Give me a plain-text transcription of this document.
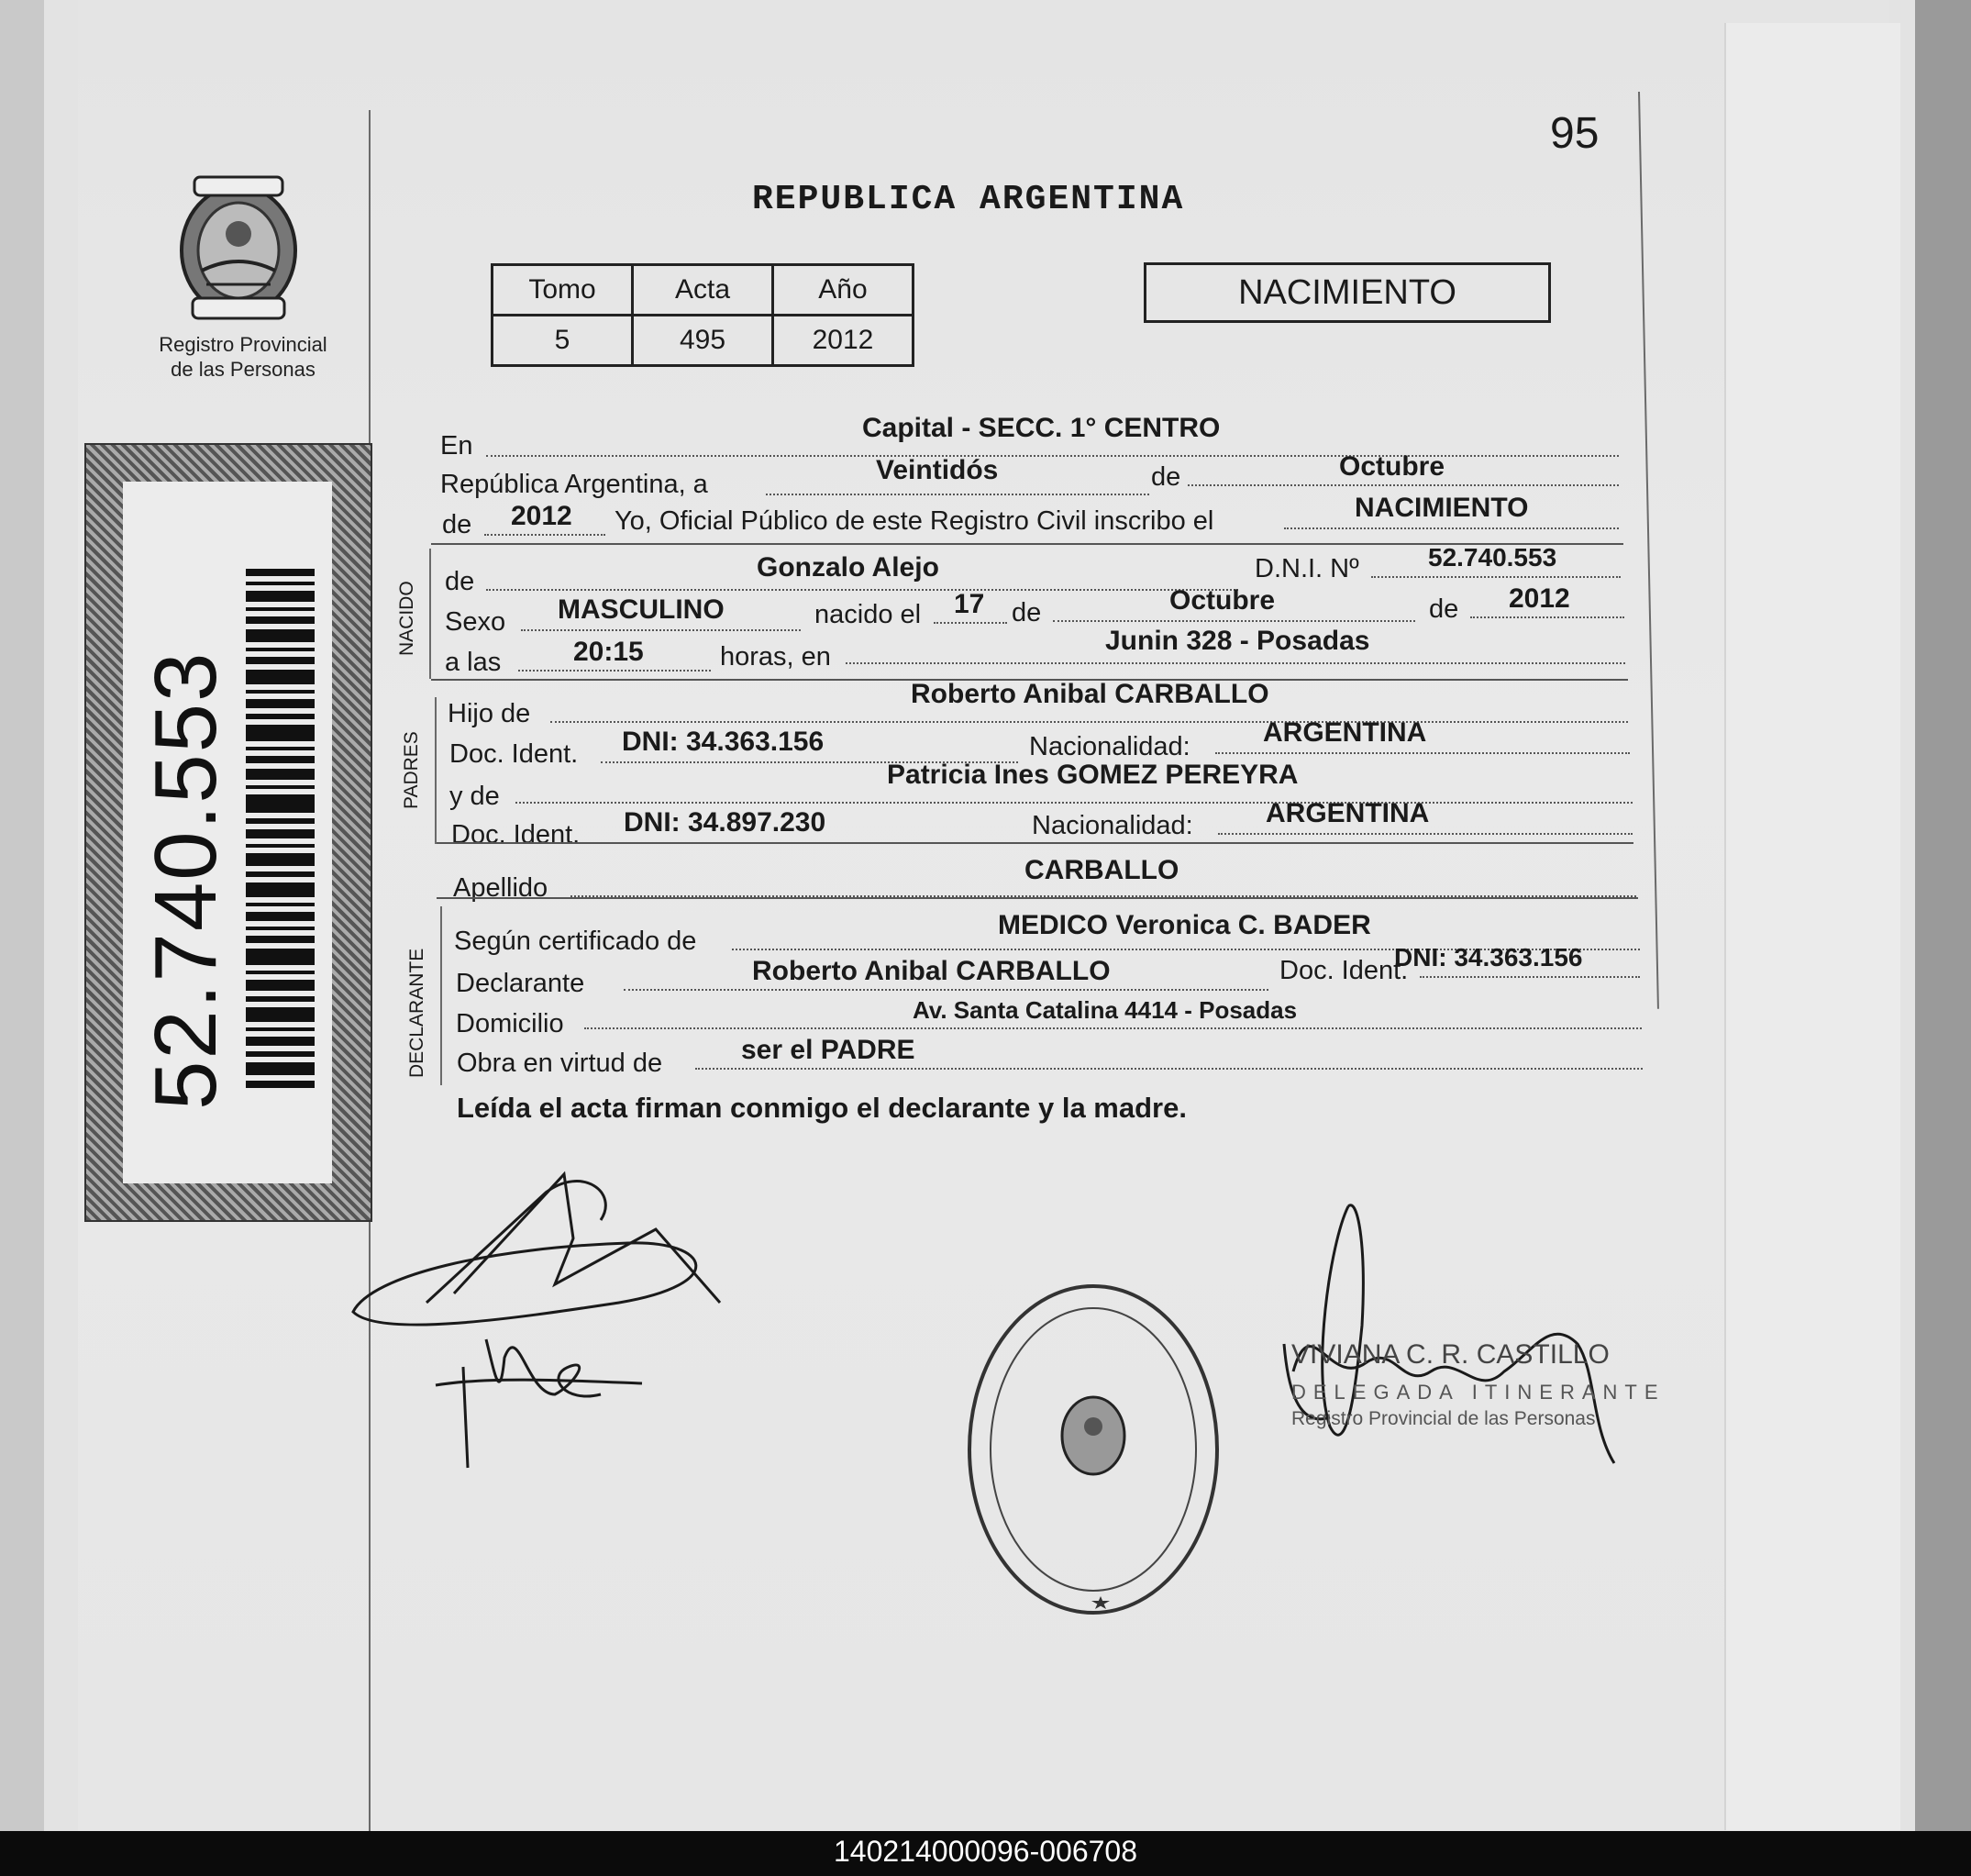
Registro Provincial
de las Personas
52.740.553
95
REPUBLICA ARGENTINA
Tomo	Acta	Año
5	495	2012
NACIMIENTO
En
Capital - SECC. 1° CENTRO
República Argentina, a	Veintidós	de	Octubre
de 2012 Yo, Oficial Público de este Registro Civil inscribo el	NACIMIENTO
NACIDO de	Gonzalo Alejo	D.N.I. Nº	52.740.553
Sexo MASCULINO	nacido el 17 de	Octubre	de 2012
a las	20:15	horas, en
Junin 328 - Posadas
PADRES
Hijo de
Roberto Anibal CARBALLO
Doc. Ident. DNI: 34.363.156	Nacionalidad:	ARGENTINA
y de
Patricia Ines GOMEZ PEREYRA
Doc. Ident. DNI: 34.897.230	Nacionalidad:	ARGENTINA
Apellido
CARBALLO
DECLARANTE
Según certificado de
MEDICO Veronica C. BADER
Declarante	Roberto Anibal CARBALLO	Doc. Ident.
DNI: 34.363.156
Domicilio	Av. Santa Catalina 4414 - Posadas
Obra en virtud de	ser el PADRE
Leída el acta firman conmigo el declarante y la madre.
VIVIANA C. R. CASTILLO
DELEGADA ITINERANTE
Registro Provincial de las Personas
140214000096-006708
